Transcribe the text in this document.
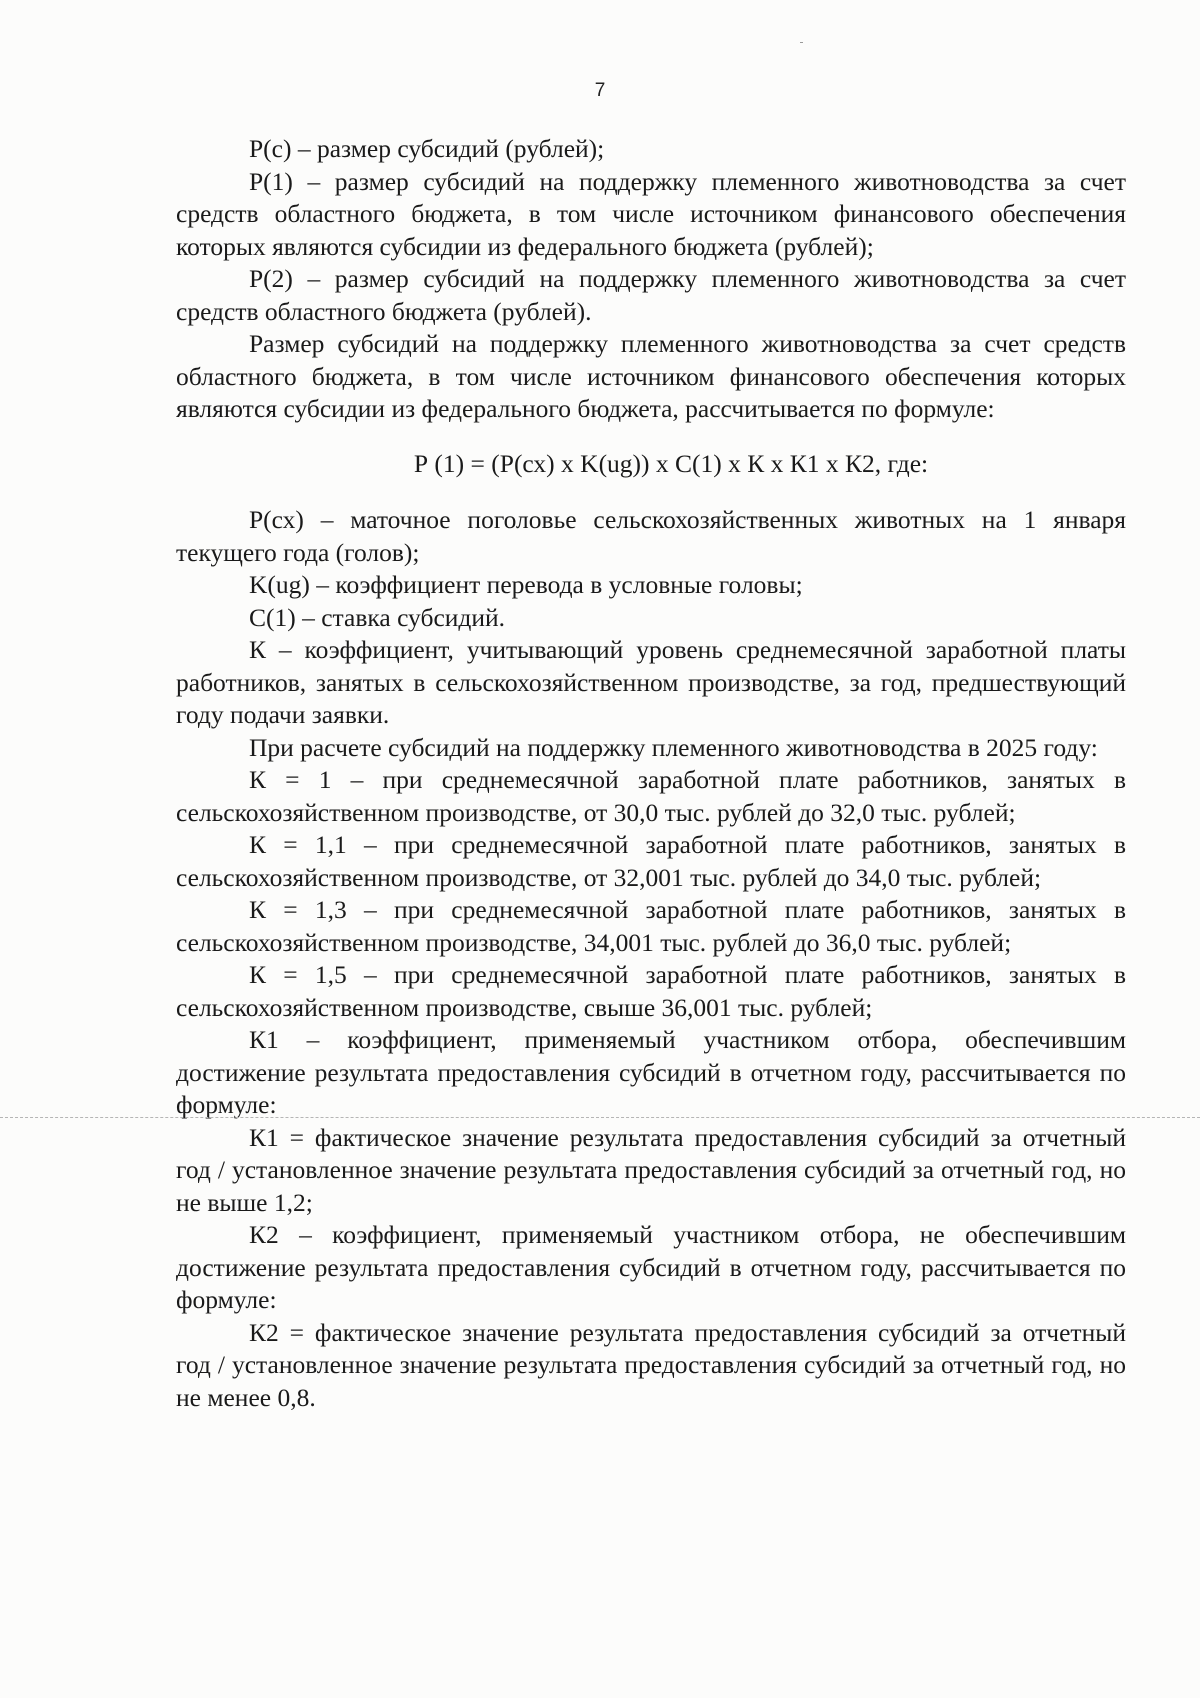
7

Р(с) – размер субсидий (рублей);

Р(1) – размер субсидий на поддержку племенного животноводства за счет средств областного бюджета, в том числе источником финансового обеспечения которых являются субсидии из федерального бюджета (рублей);

Р(2) – размер субсидий на поддержку племенного животноводства за счет средств областного бюджета (рублей).

Размер субсидий на поддержку племенного животноводства за счет средств областного бюджета, в том числе источником финансового обеспечения которых являются субсидии из федерального бюджета, рассчитывается по формуле:

Р (1) = (Р(сх) х K(ug)) х С(1) х К х К1 х К2, где:

Р(сх) – маточное поголовье сельскохозяйственных животных на 1 января текущего года (голов);

K(ug) – коэффициент перевода в условные головы;

С(1) – ставка субсидий.

К – коэффициент, учитывающий уровень среднемесячной заработной платы работников, занятых в сельскохозяйственном производстве, за год, предшествующий году подачи заявки.

При расчете субсидий на поддержку племенного животноводства в 2025 году:

К = 1 – при среднемесячной заработной плате работников, занятых в сельскохозяйственном производстве, от 30,0 тыс. рублей до 32,0 тыс. рублей;

К = 1,1 – при среднемесячной заработной плате работников, занятых в сельскохозяйственном производстве, от 32,001 тыс. рублей до 34,0 тыс. рублей;

К = 1,3 – при среднемесячной заработной плате работников, занятых в сельскохозяйственном производстве, 34,001 тыс. рублей до 36,0 тыс. рублей;

К = 1,5 – при среднемесячной заработной плате работников, занятых в сельскохозяйственном производстве, свыше 36,001 тыс. рублей;

К1 – коэффициент, применяемый участником отбора, обеспечившим достижение результата предоставления субсидий в отчетном году, рассчитывается по формуле:

К1 = фактическое значение результата предоставления субсидий за отчетный год / установленное значение результата предоставления субсидий за отчетный год, но не выше 1,2;

К2 – коэффициент, применяемый участником отбора, не обеспечившим достижение результата предоставления субсидий в отчетном году, рассчитывается по формуле:

К2 = фактическое значение результата предоставления субсидий за отчетный год / установленное значение результата предоставления субсидий за отчетный год, но не менее 0,8.
